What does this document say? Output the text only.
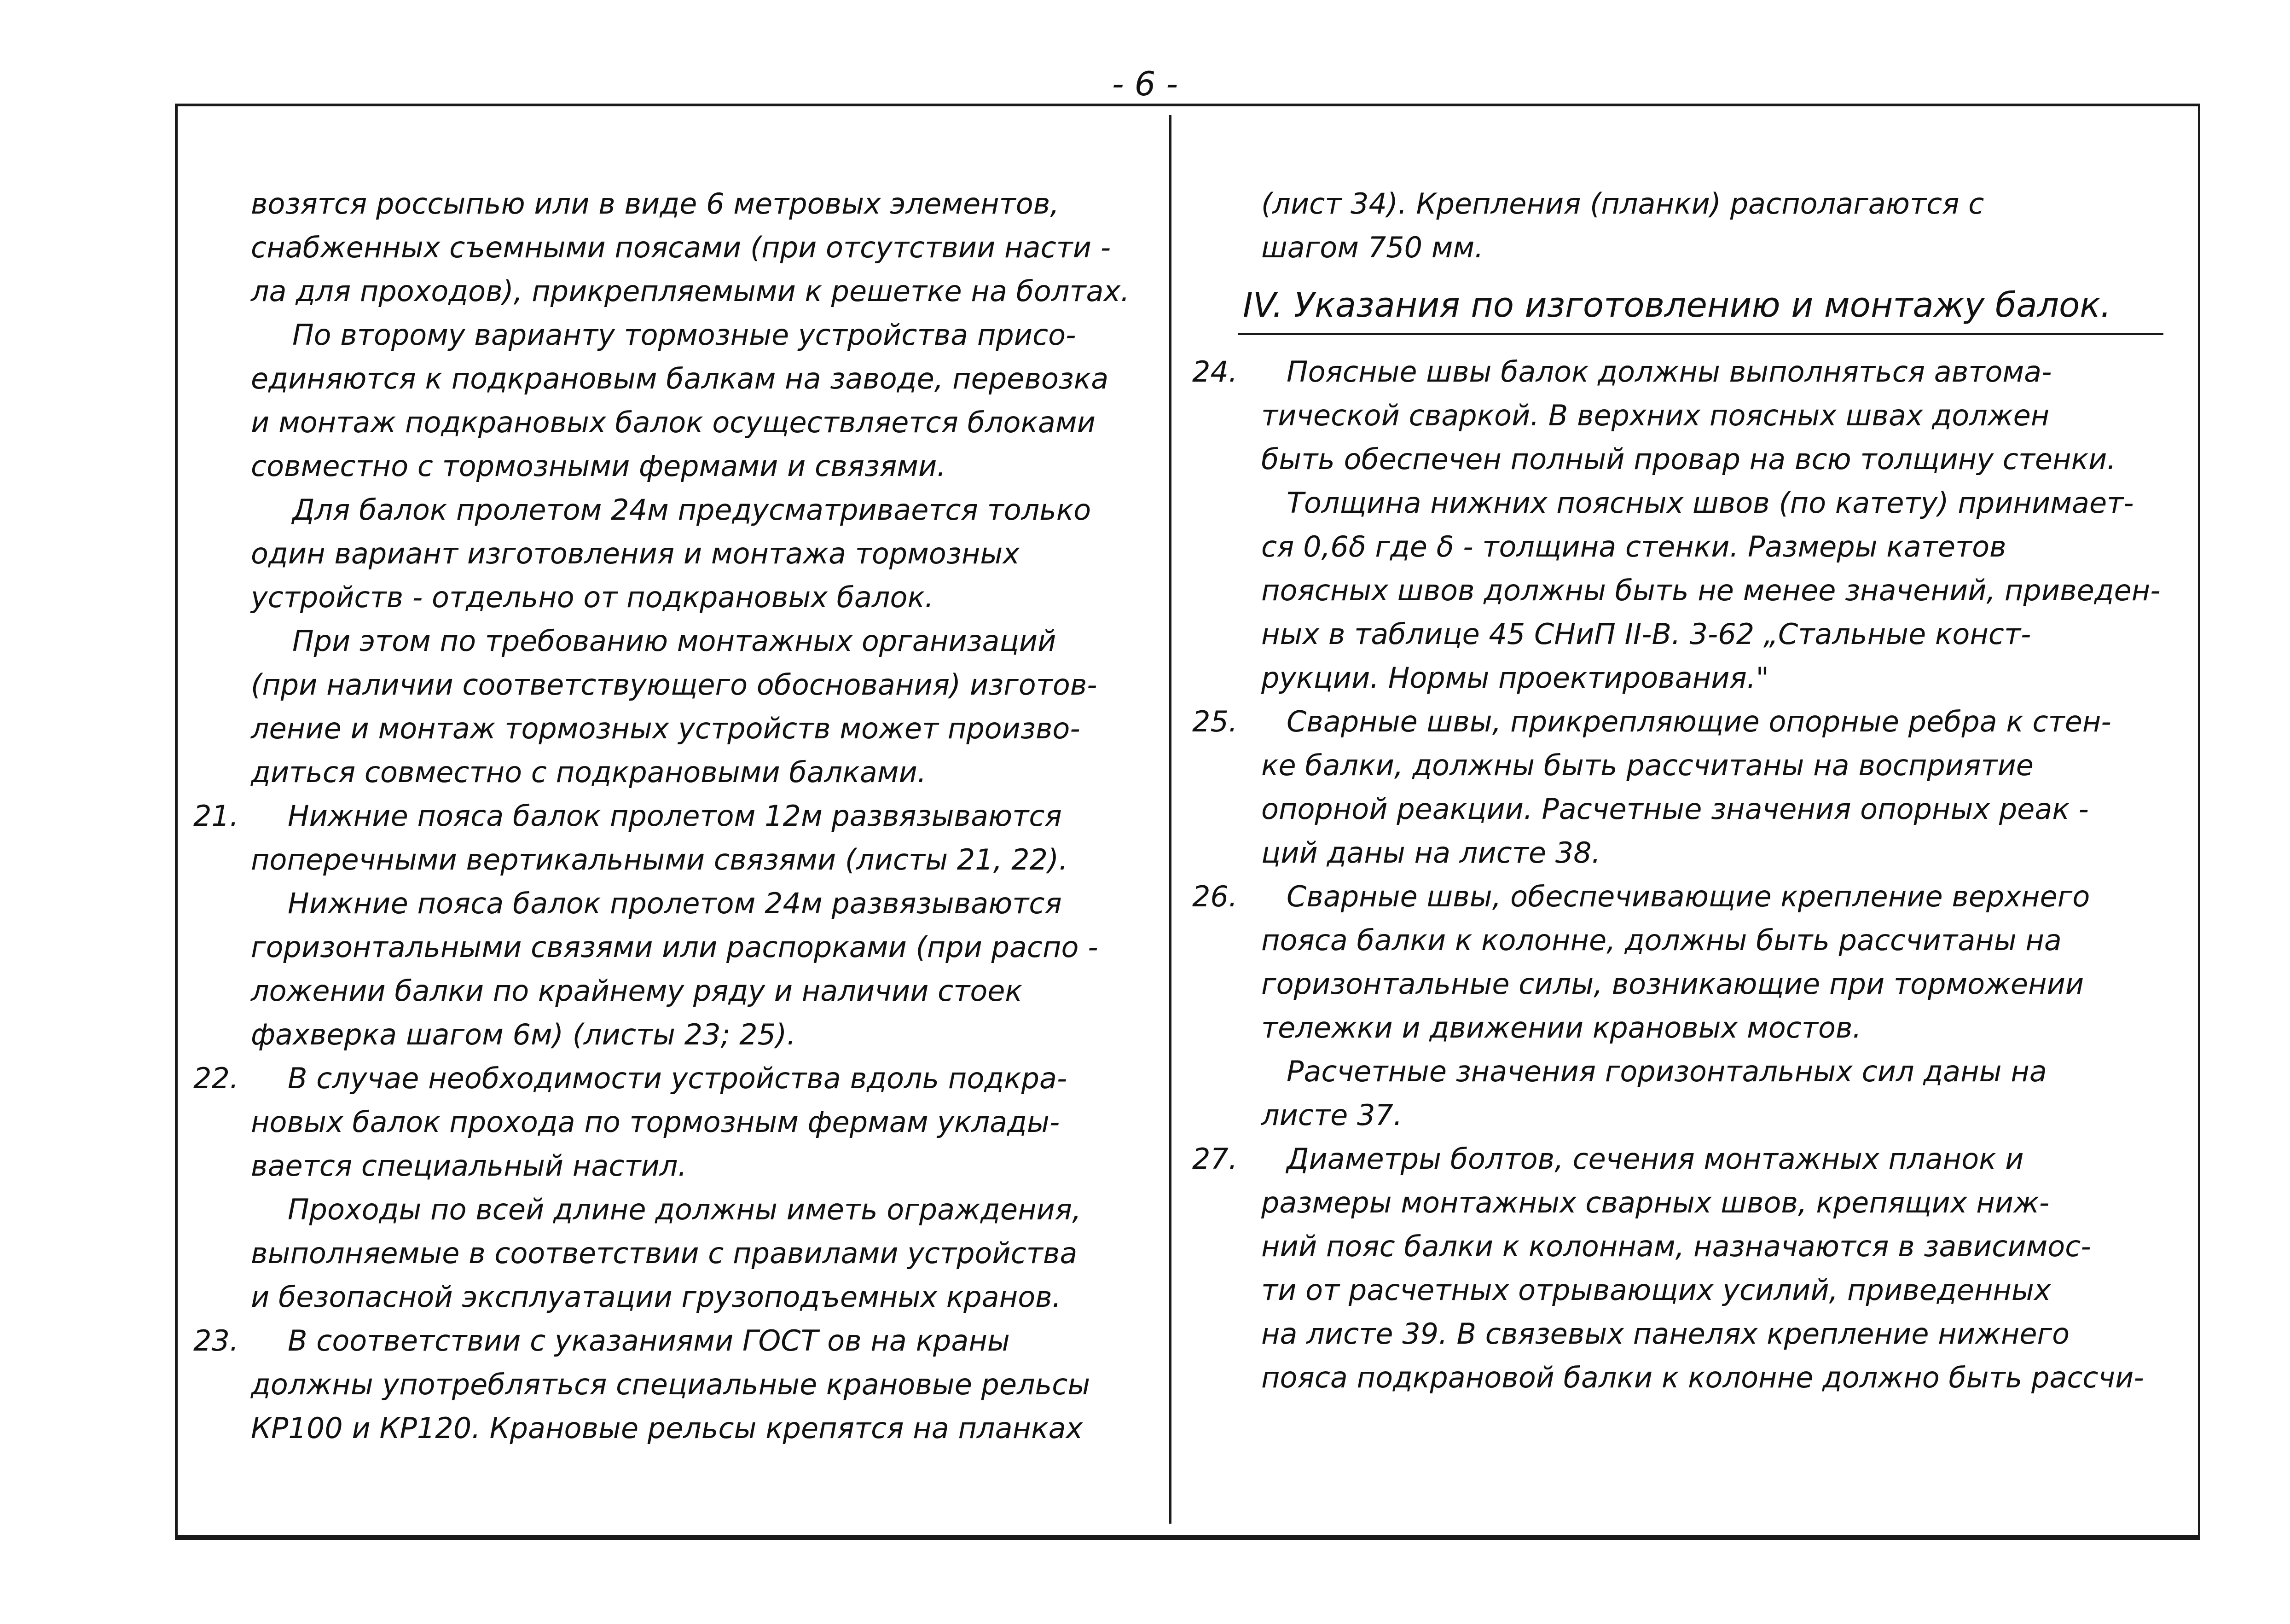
- 6 -
возятся россыпью или в виде 6 метровых элементов,
снабженных съемными поясами (при отсутствии насти -
ла для проходов), прикрепляемыми к решетке на болтах.
По второму варианту тормозные устройства присо-
единяются к подкрановым балкам на заводе, перевозка
и монтаж подкрановых балок осуществляется блоками
совместно с тормозными фермами и связями.
Для балок пролетом 24м предусматривается только
один вариант изготовления и монтажа тормозных
устройств - отдельно от подкрановых балок.
При этом по требованию монтажных организаций
(при наличии соответствующего обоснования) изготов-
ление и монтаж тормозных устройств может произво-
диться совместно с подкрановыми балками.
21. Нижние пояса балок пролетом 12м развязываются
поперечными вертикальными связями (листы 21, 22).
Нижние пояса балок пролетом 24м развязываются
горизонтальными связями или распорками (при распо -
ложении балки по крайнему ряду и наличии стоек
фахверка шагом 6м) (листы 23; 25).
22. В случае необходимости устройства вдоль подкра-
новых балок прохода по тормозным фермам уклады-
вается специальный настил.
Проходы по всей длине должны иметь ограждения,
выполняемые в соответствии с правилами устройства
и безопасной эксплуатации грузоподъемных кранов.
23. В соответствии с указаниями ГОСТ ов на краны
должны употребляться специальные крановые рельсы
КР100 и КР120. Крановые рельсы крепятся на планках
(лист 34). Крепления (планки) располагаются с
шагом 750 мм.
IV. Указания по изготовлению и монтажу балок.
24. Поясные швы балок должны выполняться автома-
тической сваркой. В верхних поясных швах должен
быть обеспечен полный провар на всю толщину стенки.
Толщина нижних поясных швов (по катету) принимает-
ся 0,6δ где δ - толщина стенки. Размеры катетов
поясных швов должны быть не менее значений, приведен-
ных в таблице 45 СНиП II-В. 3-62 „Стальные конст-
рукции. Нормы проектирования."
25. Сварные швы, прикрепляющие опорные ребра к стен-
ке балки, должны быть рассчитаны на восприятие
опорной реакции. Расчетные значения опорных реак -
ций даны на листе 38.
26. Сварные швы, обеспечивающие крепление верхнего
пояса балки к колонне, должны быть рассчитаны на
горизонтальные силы, возникающие при торможении
тележки и движении крановых мостов.
Расчетные значения горизонтальных сил даны на
листе 37.
27. Диаметры болтов, сечения монтажных планок и
размеры монтажных сварных швов, крепящих ниж-
ний пояс балки к колоннам, назначаются в зависимос-
ти от расчетных отрывающих усилий, приведенных
на листе 39. В связевых панелях крепление нижнего
пояса подкрановой балки к колонне должно быть рассчи-
